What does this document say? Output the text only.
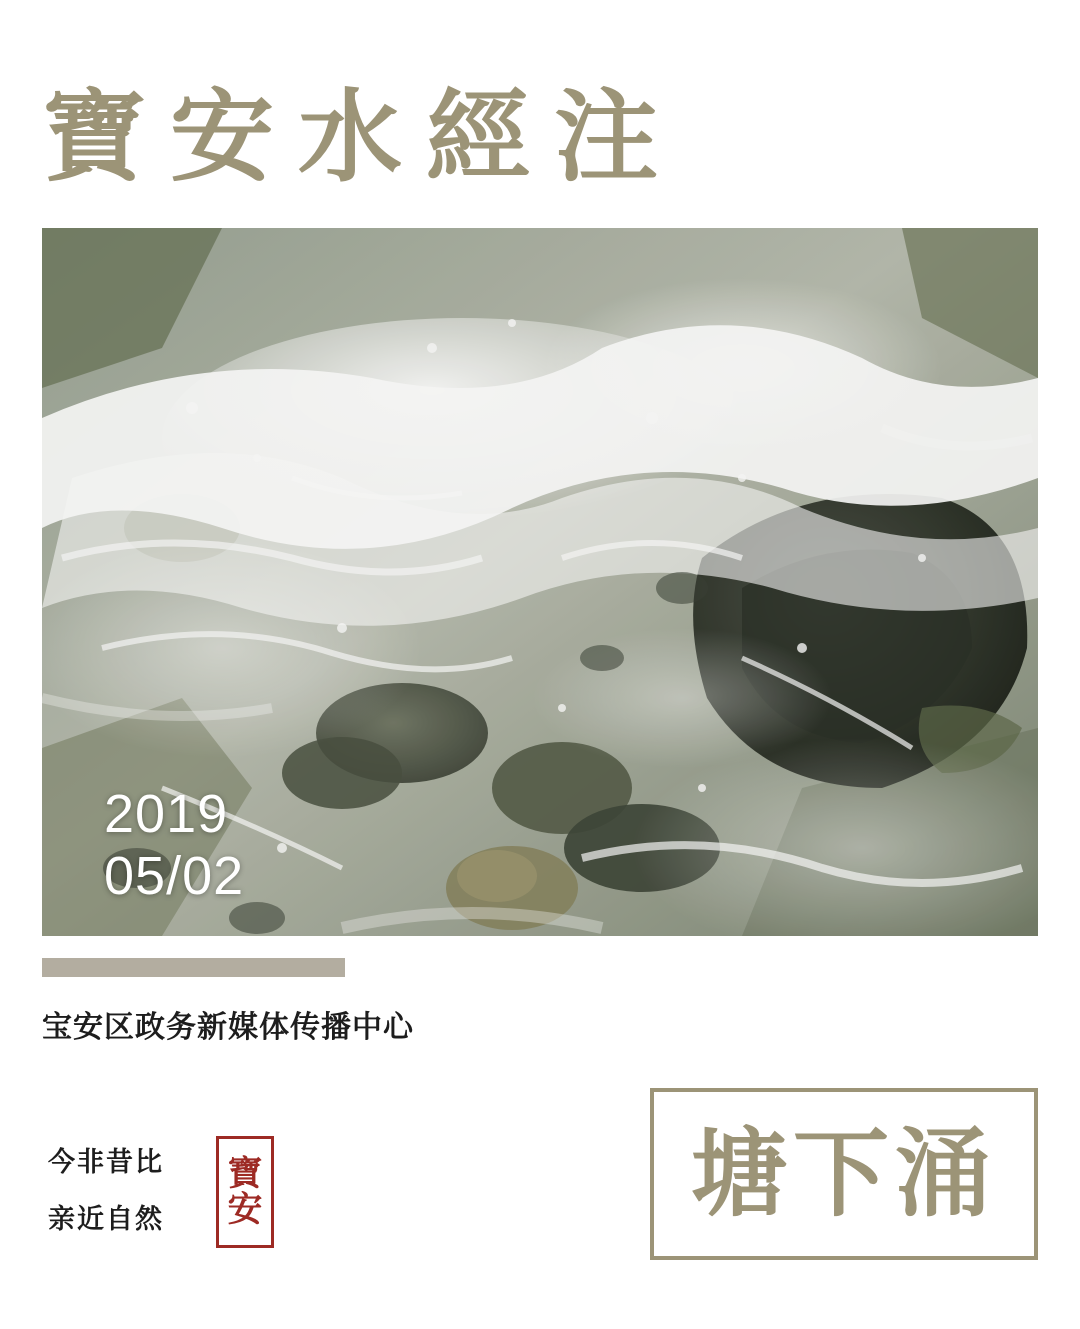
寶 安 水 經 注
2019
05/02
宝安区政务新媒体传播中心
今非昔比
亲近自然
寶
安	塘下涌
